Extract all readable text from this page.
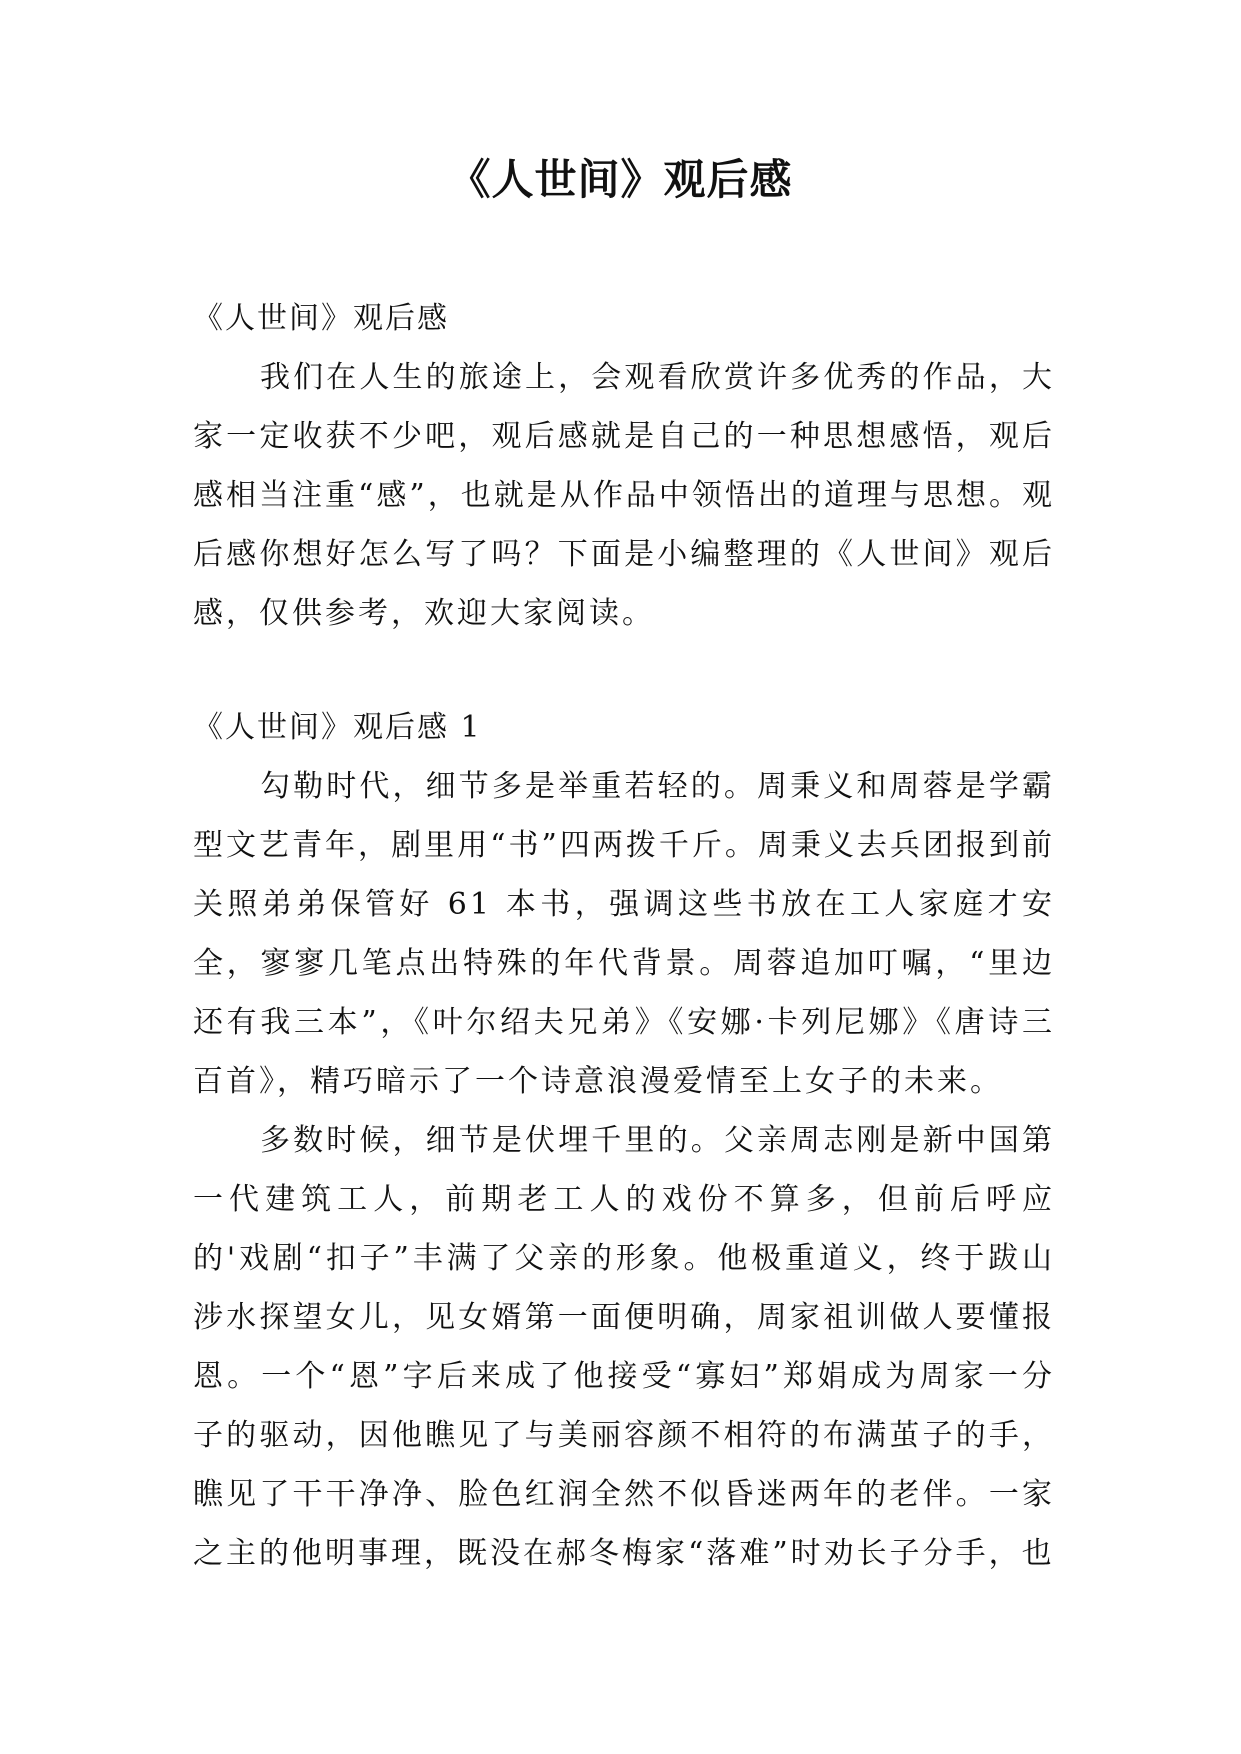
《人世间》观后感
《人世间》观后感

我们在人生的旅途上，会观看欣赏许多优秀的作品，大家一定收获不少吧，观后感就是自己的一种思想感悟，观后感相当注重“感”，也就是从作品中领悟出的道理与思想。观后感你想好怎么写了吗？下面是小编整理的《人世间》观后感，仅供参考，欢迎大家阅读。

《人世间》观后感 1

勾勒时代，细节多是举重若轻的。周秉义和周蓉是学霸型文艺青年，剧里用“书”四两拨千斤。周秉义去兵团报到前关照弟弟保管好 61 本书，强调这些书放在工人家庭才安全，寥寥几笔点出特殊的年代背景。周蓉追加叮嘱，“里边还有我三本”，《叶尔绍夫兄弟》《安娜·卡列尼娜》《唐诗三百首》，精巧暗示了一个诗意浪漫爱情至上女子的未来。

多数时候，细节是伏埋千里的。父亲周志刚是新中国第一代建筑工人，前期老工人的戏份不算多，但前后呼应的'戏剧“扣子”丰满了父亲的形象。他极重道义，终于跋山涉水探望女儿，见女婿第一面便明确，周家祖训做人要懂报恩。一个“恩”字后来成了他接受“寡妇”郑娟成为周家一分子的驱动，因他瞧见了与美丽容颜不相符的布满茧子的手，瞧见了干干净净、脸色红润全然不似昏迷两年的老伴。一家之主的他明事理，既没在郝冬梅家“落难”时劝长子分手，也
